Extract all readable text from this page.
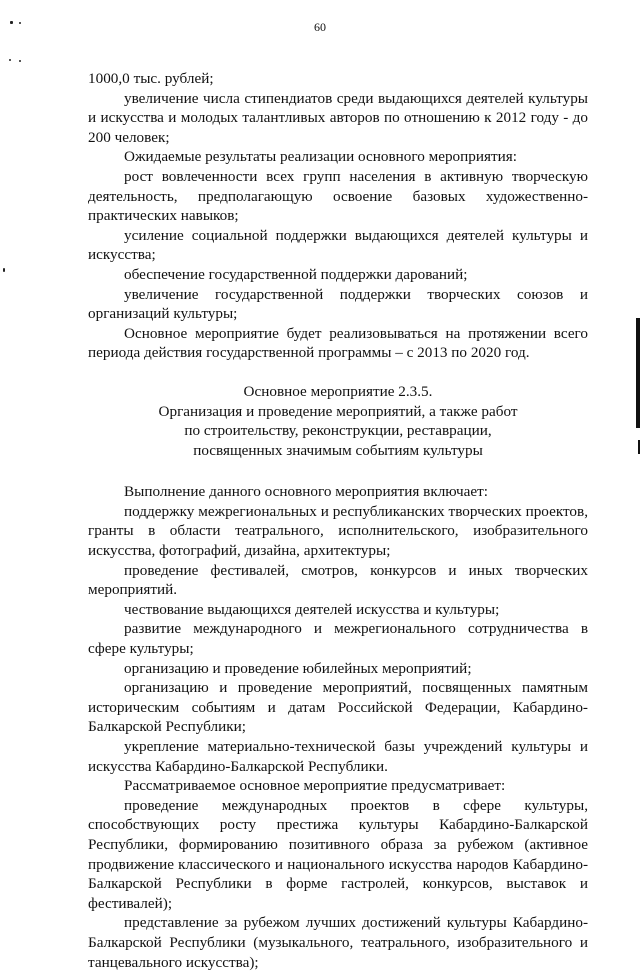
60

1000,0 тыс. рублей;

увеличение числа стипендиатов среди выдающихся деятелей культуры и искусства и молодых талантливых авторов по отношению к 2012 году - до 200 человек;

Ожидаемые результаты реализации основного мероприятия:

рост вовлеченности всех групп населения в активную творческую деятельность, предполагающую освоение базовых художественно-практических навыков;

усиление социальной поддержки выдающихся деятелей культуры и искусства;

обеспечение государственной поддержки дарований;

увеличение государственной поддержки творческих союзов и организаций культуры;

Основное мероприятие будет реализовываться на протяжении всего периода действия государственной программы – с 2013 по 2020 год.

Основное мероприятие 2.3.5.
Организация и проведение мероприятий, а также работ
по строительству, реконструкции, реставрации,
посвященных значимым событиям культуры

Выполнение данного основного мероприятия включает:

поддержку межрегиональных и республиканских творческих проектов, гранты в области театрального, исполнительского, изобразительного искусства, фотографий, дизайна, архитектуры;

проведение фестивалей, смотров, конкурсов и иных творческих мероприятий.

чествование выдающихся деятелей искусства и культуры;

развитие международного и межрегионального сотрудничества в сфере культуры;

организацию и проведение юбилейных мероприятий;

организацию и проведение мероприятий, посвященных памятным историческим событиям и датам Российской Федерации, Кабардино-Балкарской Республики;

укрепление материально-технической базы учреждений культуры и искусства Кабардино-Балкарской Республики.

Рассматриваемое основное мероприятие предусматривает:

проведение международных проектов в сфере культуры, способствующих росту престижа культуры Кабардино-Балкарской Республики, формированию позитивного образа за рубежом (активное продвижение классического и национального искусства народов Кабардино-Балкарской Республики в форме гастролей, конкурсов, выставок и фестивалей);

представление за рубежом лучших достижений культуры Кабардино-Балкарской Республики (музыкального, театрального, изобразительного и танцевального искусства);
